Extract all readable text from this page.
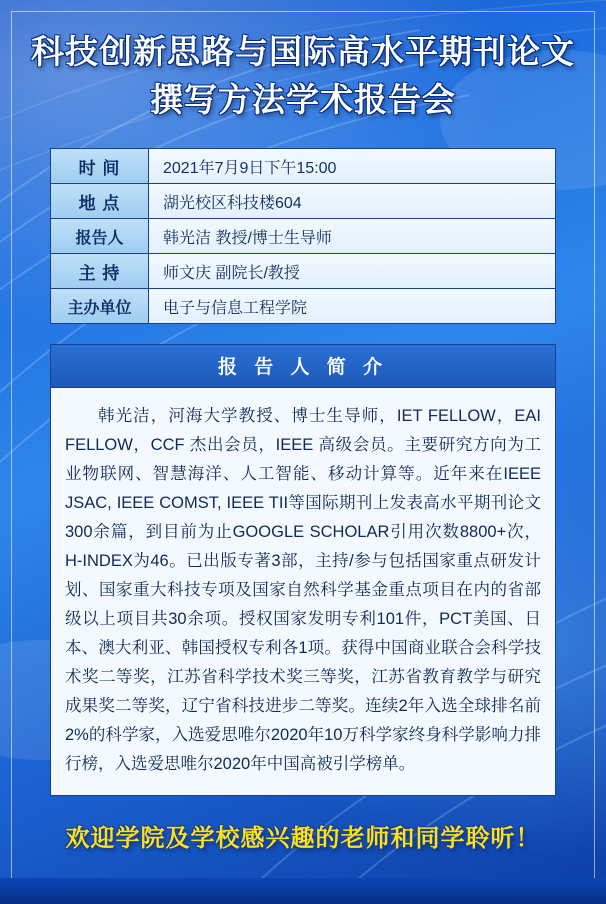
科技创新思路与国际高水平期刊论文
撰写方法学术报告会
时 间	2021年7月9日下午15:00
地 点	湖光校区科技楼604
报告人	韩光洁 教授/博士生导师
主 持	师文庆 副院长/教授
主办单位	电子与信息工程学院
报 告 人 简 介
韩光洁，河海大学教授、博士生导师，IET FELLOW，EAI FELLOW，CCF 杰出会员，IEEE 高级会员。主要研究方向为工业物联网、智慧海洋、人工智能、移动计算等。近年来在IEEE JSAC, IEEE COMST, IEEE TII等国际期刊上发表高水平期刊论文300余篇，到目前为止GOOGLE SCHOLAR引用次数8800+次，H-INDEX为46。已出版专著3部，主持/参与包括国家重点研发计划、国家重大科技专项及国家自然科学基金重点项目在内的省部级以上项目共30余项。授权国家发明专利101件，PCT美国、日本、澳大利亚、韩国授权专利各1项。获得中国商业联合会科学技术奖二等奖，江苏省科学技术奖三等奖，江苏省教育教学与研究成果奖二等奖，辽宁省科技进步二等奖。连续2年入选全球排名前2%的科学家，入选爱思唯尔2020年10万科学家终身科学影响力排行榜，入选爱思唯尔2020年中国高被引学榜单。
欢迎学院及学校感兴趣的老师和同学聆听！
